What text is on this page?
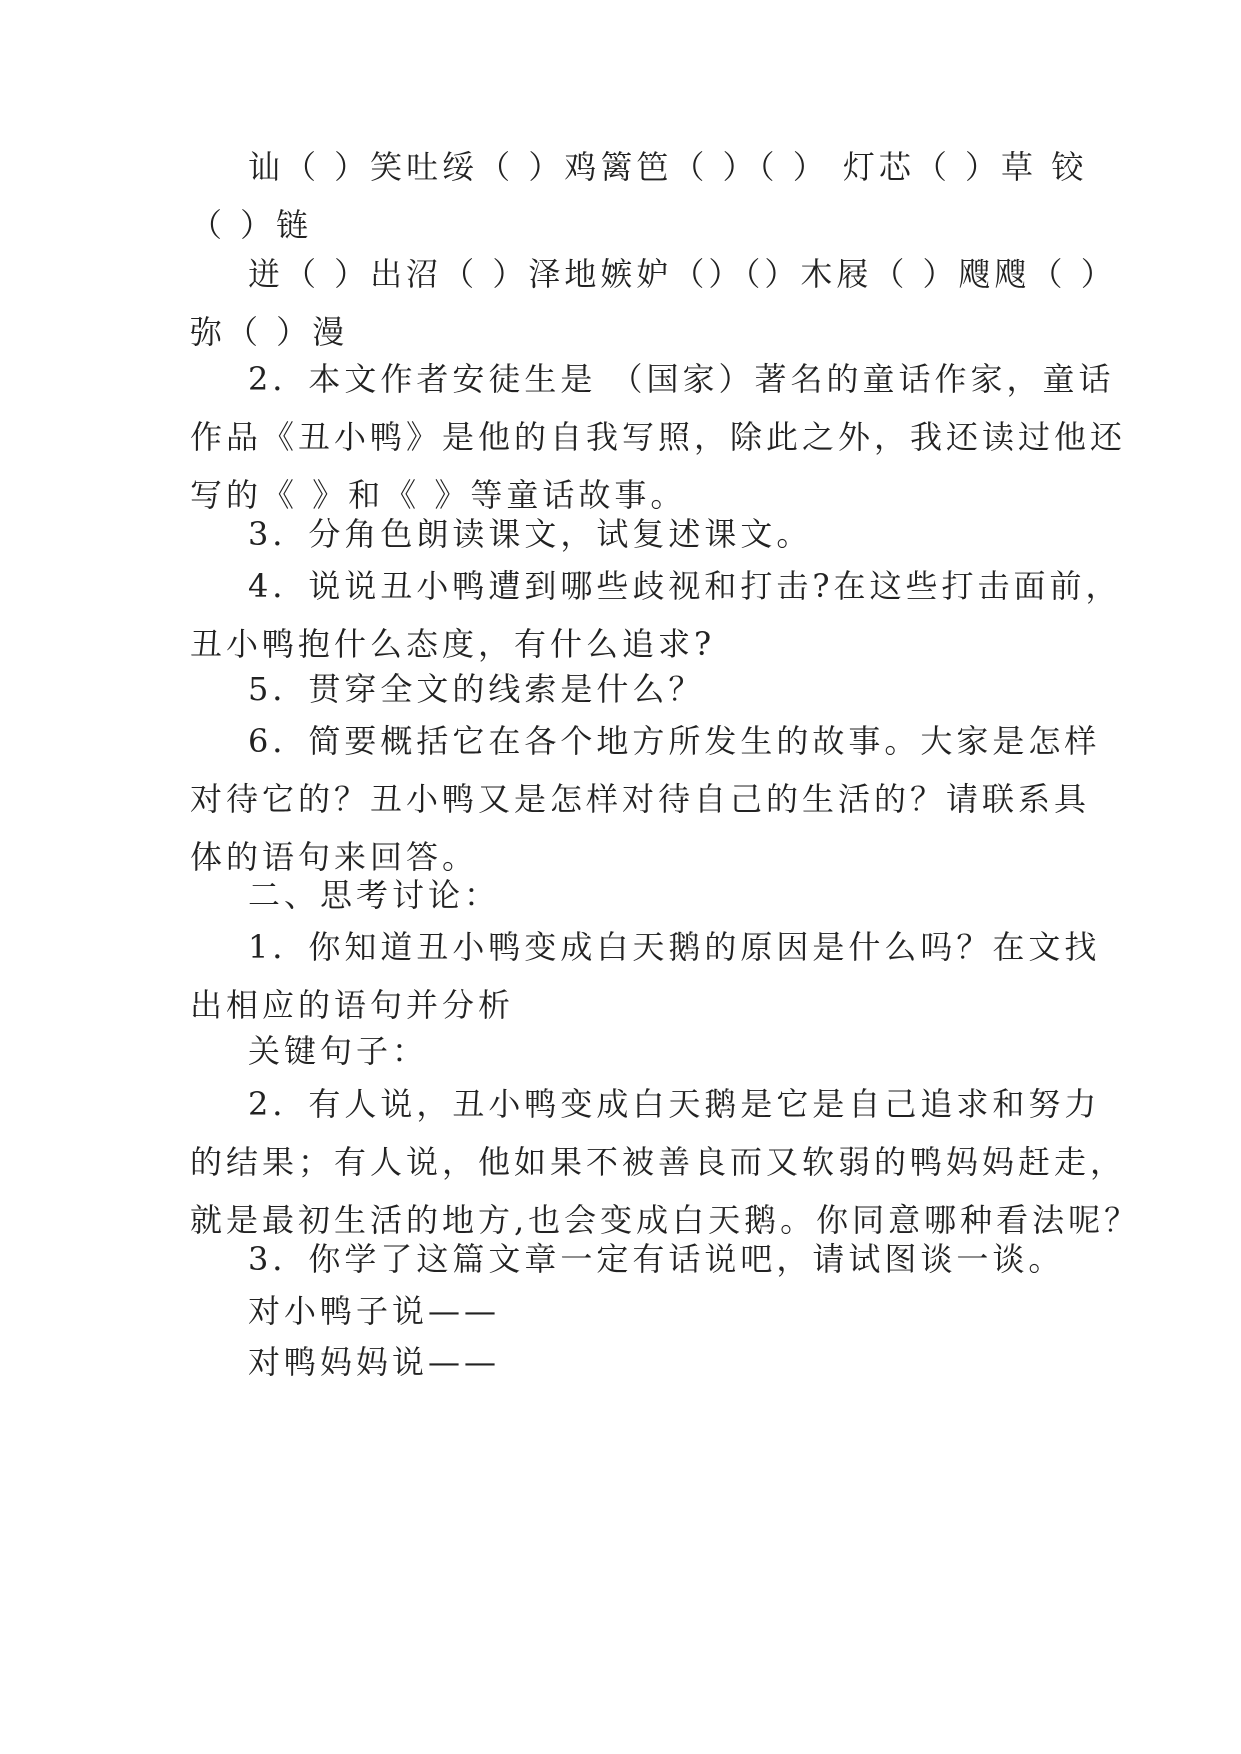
讪（ ）笑吐绥（ ）鸡篱笆（ ）（ ） 灯芯（ ）草 铰
（ ）链
迸（ ）出沼（ ）泽地嫉妒（）（）木屐（ ）飕飕（ ）
弥（ ）漫
2．本文作者安徒生是 （国家）著名的童话作家，童话
作品《丑小鸭》是他的自我写照，除此之外，我还读过他还
写的《 》和《 》等童话故事。
3．分角色朗读课文，试复述课文。
4．说说丑小鸭遭到哪些歧视和打击?在这些打击面前，
丑小鸭抱什么态度，有什么追求?
5．贯穿全文的线索是什么？
6．简要概括它在各个地方所发生的故事。大家是怎样
对待它的？丑小鸭又是怎样对待自己的生活的？请联系具
体的语句来回答。
二、思考讨论：
1．你知道丑小鸭变成白天鹅的原因是什么吗？在文找
出相应的语句并分析
关键句子：
2．有人说，丑小鸭变成白天鹅是它是自己追求和努力
的结果；有人说，他如果不被善良而又软弱的鸭妈妈赶走，
就是最初生活的地方,也会变成白天鹅。你同意哪种看法呢？
3．你学了这篇文章一定有话说吧，请试图谈一谈。
对小鸭子说——
对鸭妈妈说——
